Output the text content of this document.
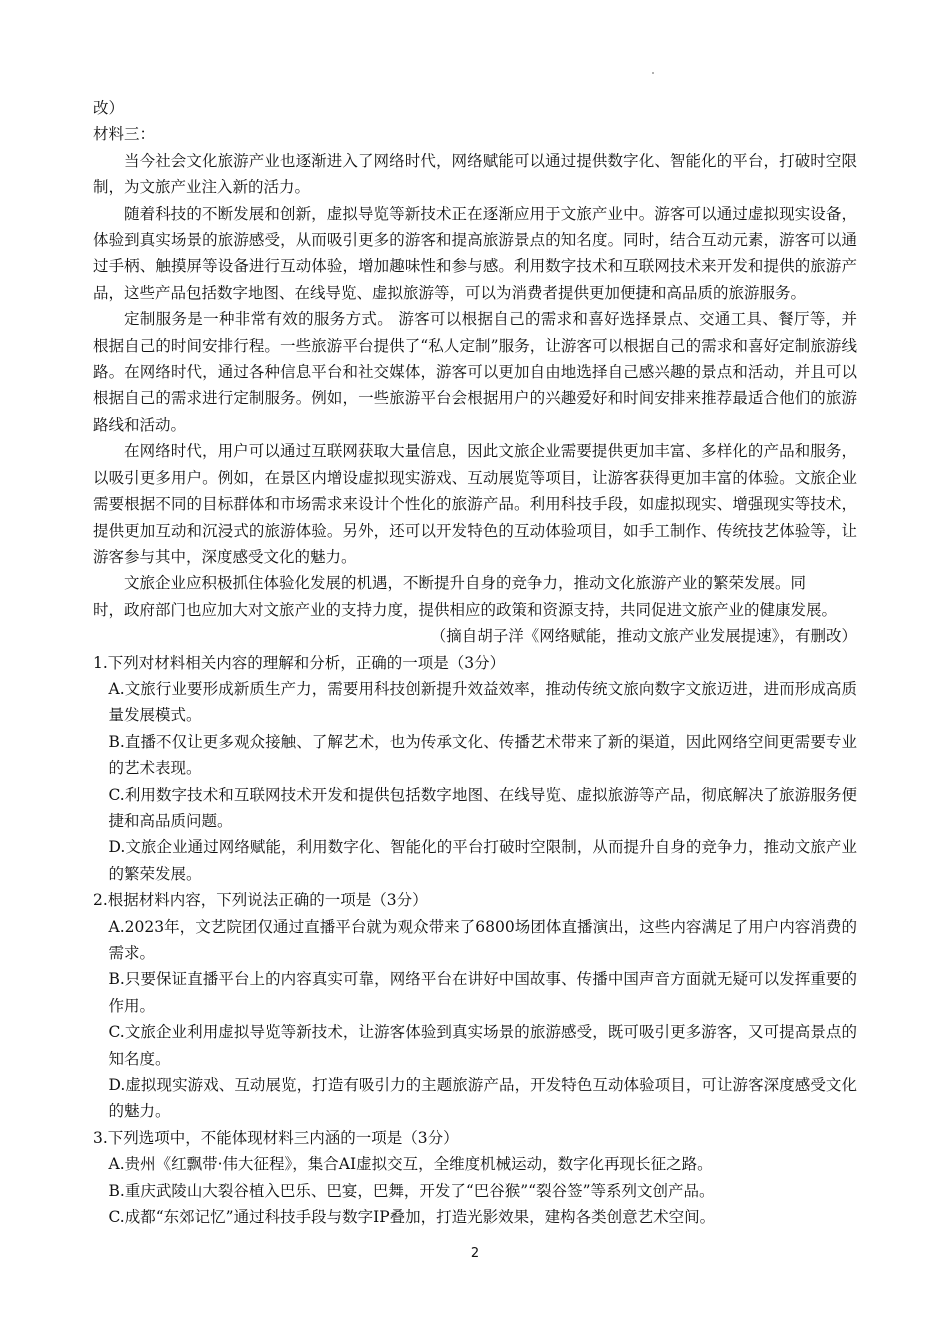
改）

材料三：

当今社会文化旅游产业也逐渐进入了网络时代，网络赋能可以通过提供数字化、智能化的平台，打破时空限制，为文旅产业注入新的活力。

随着科技的不断发展和创新，虚拟导览等新技术正在逐渐应用于文旅产业中。游客可以通过虚拟现实设备，体验到真实场景的旅游感受，从而吸引更多的游客和提高旅游景点的知名度。同时，结合互动元素，游客可以通过手柄、触摸屏等设备进行互动体验，增加趣味性和参与感。利用数字技术和互联网技术来开发和提供的旅游产品，这些产品包括数字地图、在线导览、虚拟旅游等，可以为消费者提供更加便捷和高品质的旅游服务。

定制服务是一种非常有效的服务方式。 游客可以根据自己的需求和喜好选择景点、交通工具、餐厅等，并根据自己的时间安排行程。一些旅游平台提供了“私人定制”服务，让游客可以根据自己的需求和喜好定制旅游线路。在网络时代，通过各种信息平台和社交媒体，游客可以更加自由地选择自己感兴趣的景点和活动，并且可以根据自己的需求进行定制服务。例如，一些旅游平台会根据用户的兴趣爱好和时间安排来推荐最适合他们的旅游路线和活动。

在网络时代，用户可以通过互联网获取大量信息，因此文旅企业需要提供更加丰富、多样化的产品和服务，以吸引更多用户。例如，在景区内增设虚拟现实游戏、互动展览等项目，让游客获得更加丰富的体验。文旅企业需要根据不同的目标群体和市场需求来设计个性化的旅游产品。利用科技手段，如虚拟现实、增强现实等技术，提供更加互动和沉浸式的旅游体验。另外，还可以开发特色的互动体验项目，如手工制作、传统技艺体验等，让游客参与其中，深度感受文化的魅力。

文旅企业应积极抓住体验化发展的机遇，不断提升自身的竞争力，推动文化旅游产业的繁荣发展。同

时，政府部门也应加大对文旅产业的支持力度，提供相应的政策和资源支持，共同促进文旅产业的健康发展。

（摘自胡子洋《网络赋能，推动文旅产业发展提速》，有删改）

1.下列对材料相关内容的理解和分析，正确的一项是（3分）

A.文旅行业要形成新质生产力，需要用科技创新提升效益效率，推动传统文旅向数字文旅迈进，进而形成高质量发展模式。

B.直播不仅让更多观众接触、了解艺术，也为传承文化、传播艺术带来了新的渠道，因此网络空间更需要专业的艺术表现。

C.利用数字技术和互联网技术开发和提供包括数字地图、在线导览、虚拟旅游等产品，彻底解决了旅游服务便捷和高品质问题。

D.文旅企业通过网络赋能，利用数字化、智能化的平台打破时空限制，从而提升自身的竞争力，推动文旅产业的繁荣发展。

2.根据材料内容，下列说法正确的一项是（3分）

A.2023年，文艺院团仅通过直播平台就为观众带来了6800场团体直播演出，这些内容满足了用户内容消费的需求。

B.只要保证直播平台上的内容真实可靠，网络平台在讲好中国故事、传播中国声音方面就无疑可以发挥重要的作用。

C.文旅企业利用虚拟导览等新技术，让游客体验到真实场景的旅游感受，既可吸引更多游客，又可提高景点的知名度。

D.虚拟现实游戏、互动展览，打造有吸引力的主题旅游产品，开发特色互动体验项目，可让游客深度感受文化的魅力。

3.下列选项中，不能体现材料三内涵的一项是（3分）

A.贵州《红飘带·伟大征程》，集合AI虚拟交互，全维度机械运动，数字化再现长征之路。

B.重庆武陵山大裂谷植入巴乐、巴宴，巴舞，开发了“巴谷猴”“裂谷签”等系列文创产品。

C.成都“东郊记忆”通过科技手段与数字IP叠加，打造光影效果，建构各类创意艺术空间。

2
